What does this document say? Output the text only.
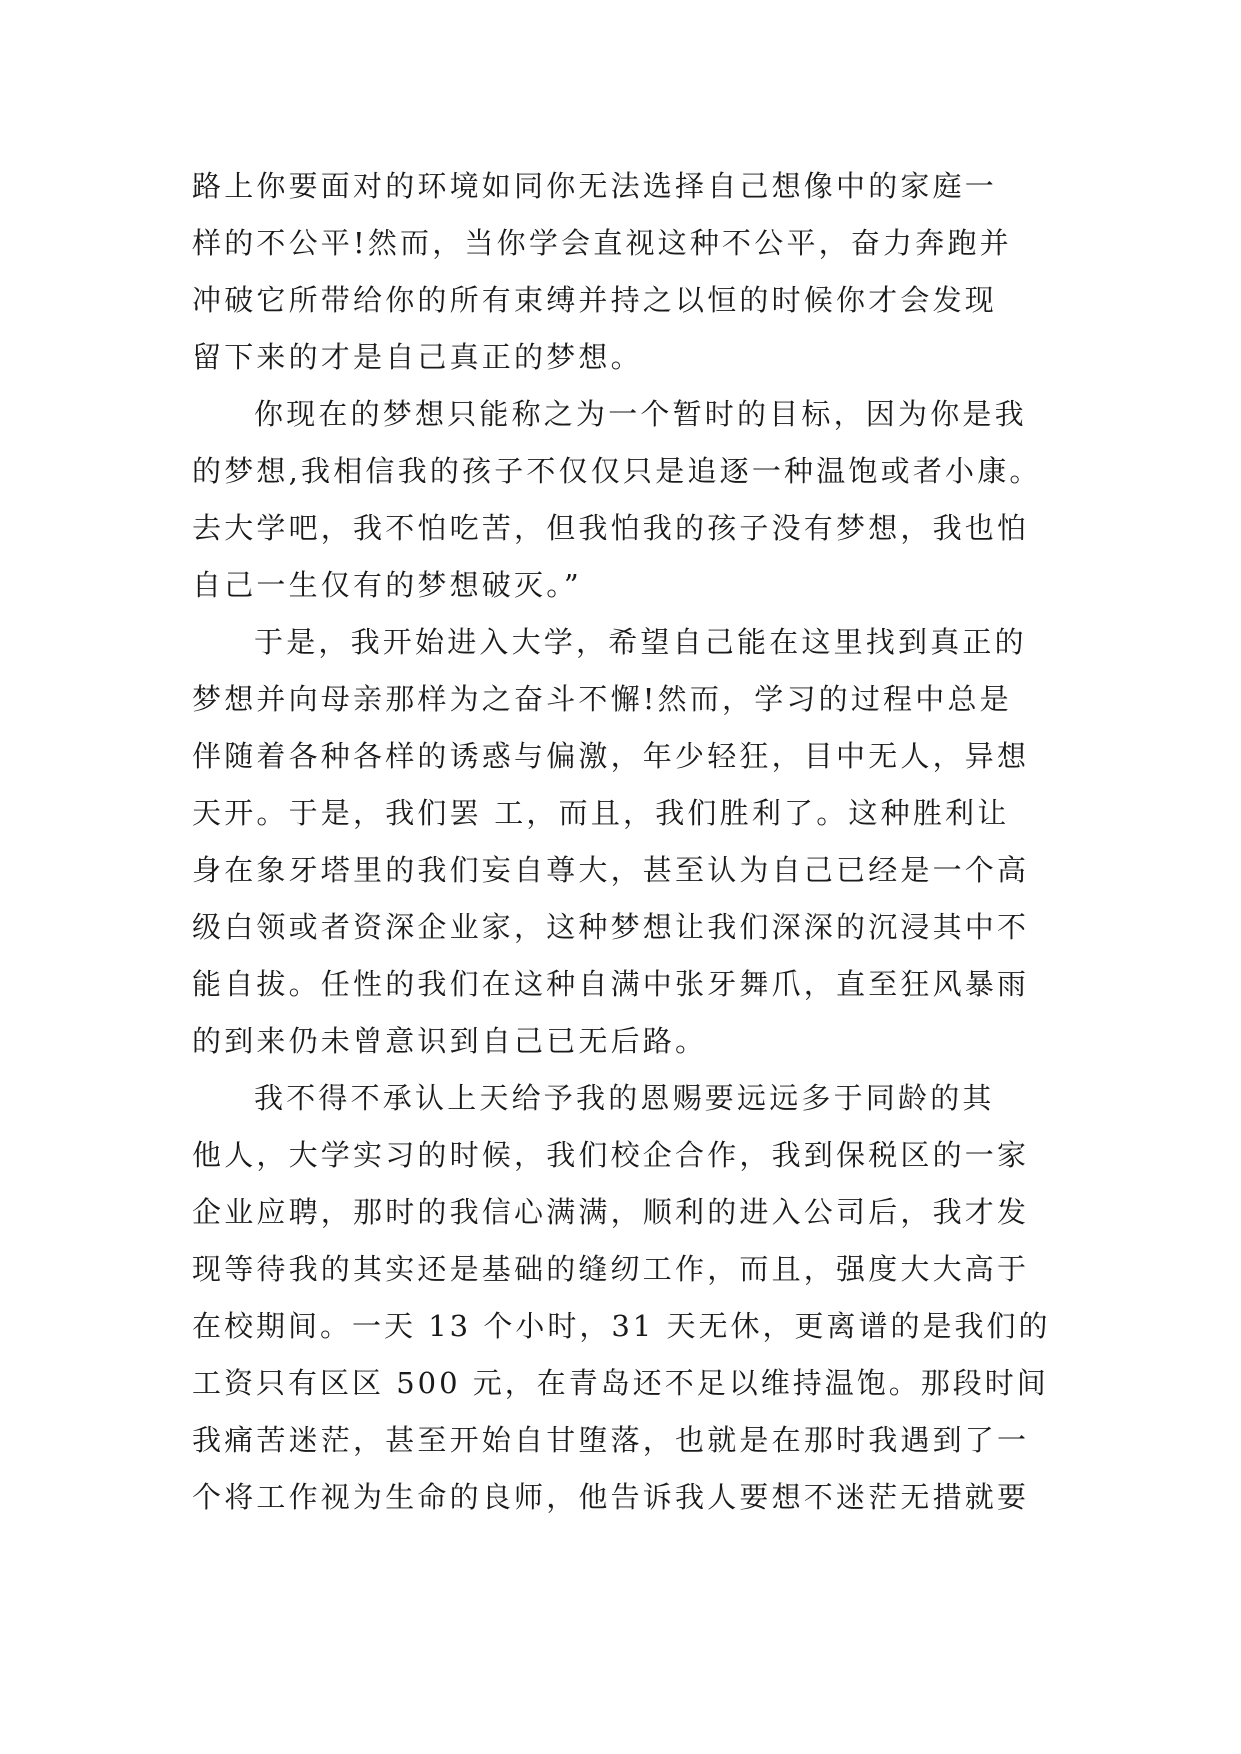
路上你要面对的环境如同你无法选择自己想像中的家庭一
样的不公平!然而，当你学会直视这种不公平，奋力奔跑并
冲破它所带给你的所有束缚并持之以恒的时候你才会发现
留下来的才是自己真正的梦想。
你现在的梦想只能称之为一个暂时的目标，因为你是我
的梦想,我相信我的孩子不仅仅只是追逐一种温饱或者小康。
去大学吧，我不怕吃苦，但我怕我的孩子没有梦想，我也怕
自己一生仅有的梦想破灭。”
于是，我开始进入大学，希望自己能在这里找到真正的
梦想并向母亲那样为之奋斗不懈!然而，学习的过程中总是
伴随着各种各样的诱惑与偏激，年少轻狂，目中无人，异想
天开。于是，我们罢 工，而且，我们胜利了。这种胜利让
身在象牙塔里的我们妄自尊大，甚至认为自己已经是一个高
级白领或者资深企业家，这种梦想让我们深深的沉浸其中不
能自拔。任性的我们在这种自满中张牙舞爪，直至狂风暴雨
的到来仍未曾意识到自己已无后路。
我不得不承认上天给予我的恩赐要远远多于同龄的其
他人，大学实习的时候，我们校企合作，我到保税区的一家
企业应聘，那时的我信心满满，顺利的进入公司后，我才发
现等待我的其实还是基础的缝纫工作，而且，强度大大高于
在校期间。一天 13 个小时，31 天无休，更离谱的是我们的
工资只有区区 500 元，在青岛还不足以维持温饱。那段时间
我痛苦迷茫，甚至开始自甘堕落，也就是在那时我遇到了一
个将工作视为生命的良师，他告诉我人要想不迷茫无措就要
